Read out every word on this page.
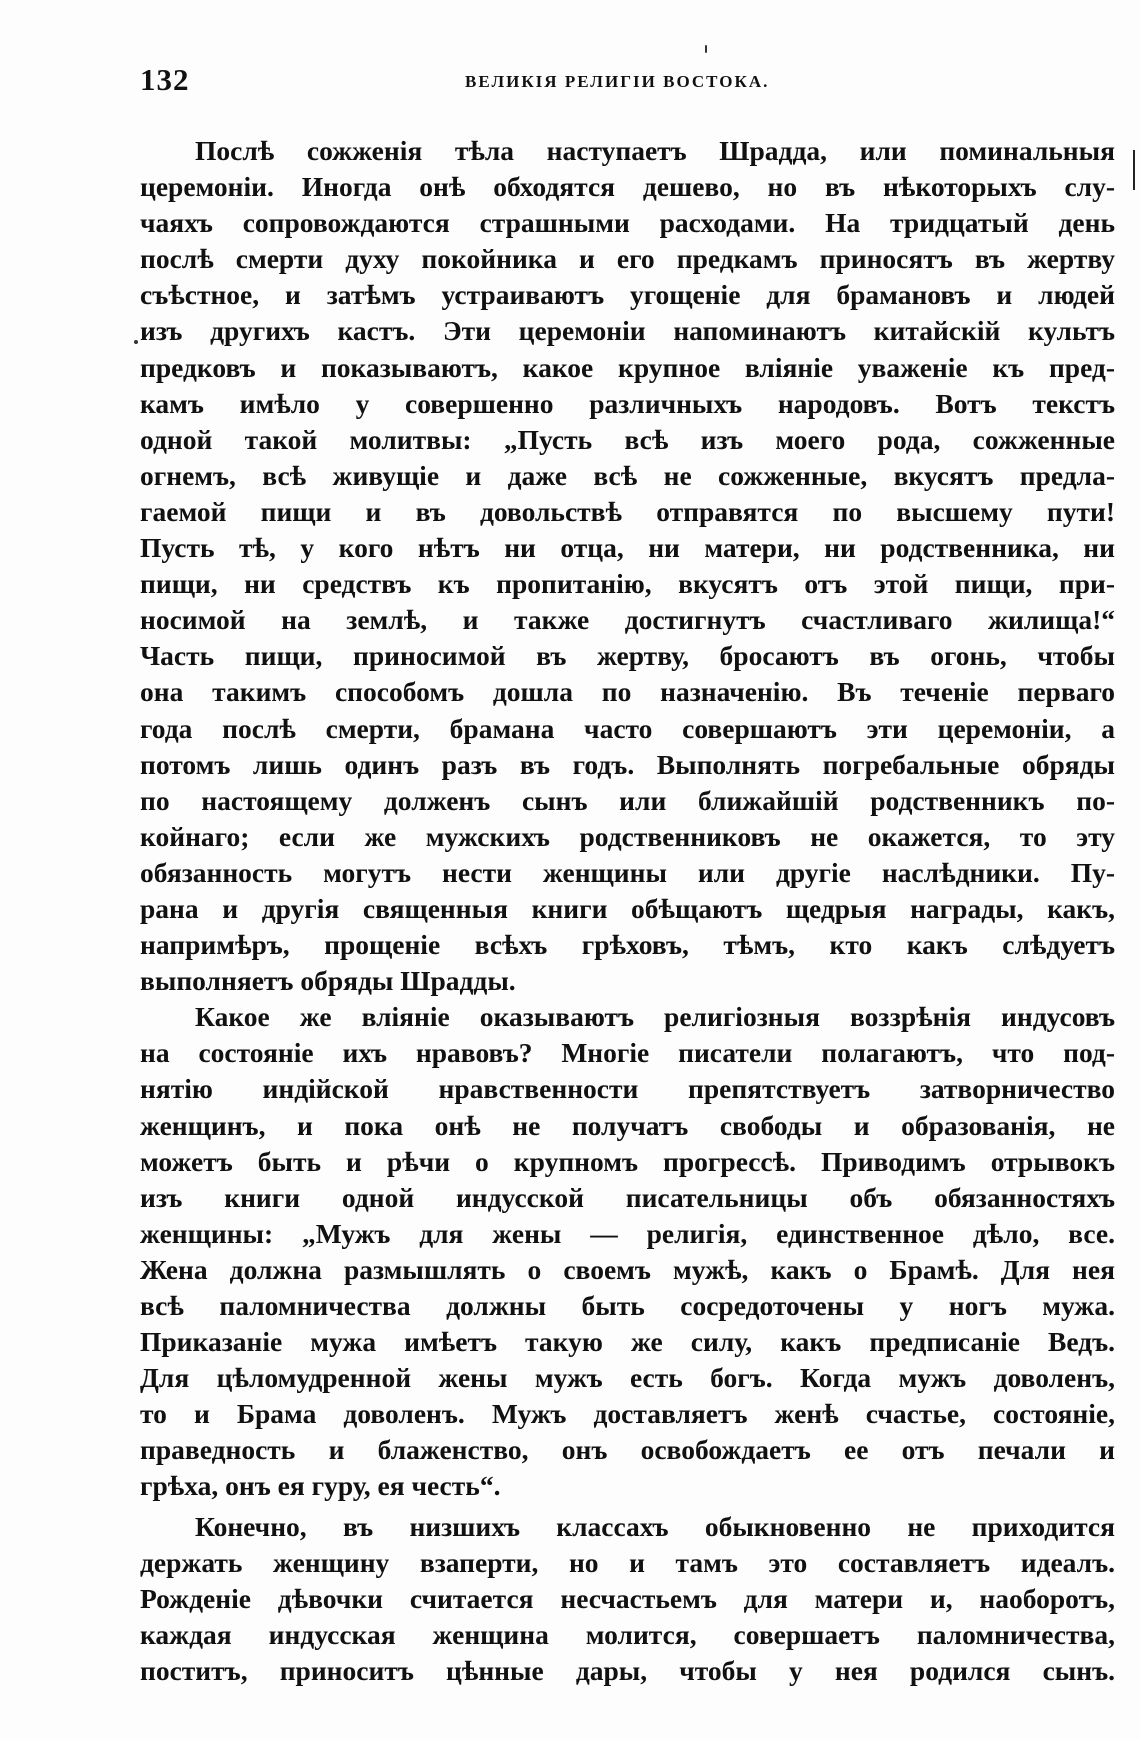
132	ВЕЛИКІЯ РЕЛИГІИ ВОСТОКА.
Послѣ сожженія тѣла наступаетъ Шрадда, или поминальныя
церемоніи. Иногда онѣ обходятся дешево, но въ нѣкоторыхъ слу-
чаяхъ сопровождаются страшными расходами. На тридцатый день
послѣ смерти духу покойника и его предкамъ приносятъ въ жертву
съѣстное, и затѣмъ устраиваютъ угощеніе для брамановъ и людей
изъ другихъ кастъ. Эти церемоніи напоминаютъ китайскій культъ
предковъ и показываютъ, какое крупное вліяніе уваженіе къ пред-
камъ имѣло у совершенно различныхъ народовъ. Вотъ текстъ
одной такой молитвы: „Пусть всѣ изъ моего рода, сожженные
огнемъ, всѣ живущіе и даже всѣ не сожженные, вкусятъ предла-
гаемой пищи и въ довольствѣ отправятся по высшему пути!
Пусть тѣ, у кого нѣтъ ни отца, ни матери, ни родственника, ни
пищи, ни средствъ къ пропитанію, вкусятъ отъ этой пищи, при-
носимой на землѣ, и также достигнутъ счастливаго жилища!“
Часть пищи, приносимой въ жертву, бросаютъ въ огонь, чтобы
она такимъ способомъ дошла по назначенію. Въ теченіе перваго
года послѣ смерти, брамана часто совершаютъ эти церемоніи, а
потомъ лишь одинъ разъ въ годъ. Выполнять погребальные обряды
по настоящему долженъ сынъ или ближайшій родственникъ по-
койнаго; если же мужскихъ родственниковъ не окажется, то эту
обязанность могутъ нести женщины или другіе наслѣдники. Пу-
рана и другія священныя книги обѣщаютъ щедрыя награды, какъ,
напримѣръ, прощеніе всѣхъ грѣховъ, тѣмъ, кто какъ слѣдуетъ
выполняетъ обряды Шрадды.
Какое же вліяніе оказываютъ религіозныя воззрѣнія индусовъ
на состояніе ихъ нравовъ? Многіе писатели полагаютъ, что под-
нятію индійской нравственности препятствуетъ затворничество
женщинъ, и пока онѣ не получатъ свободы и образованія, не
можетъ быть и рѣчи о крупномъ прогрессѣ. Приводимъ отрывокъ
изъ книги одной индусской писательницы объ обязанностяхъ
женщины: „Мужъ для жены — религія, единственное дѣло, все.
Жена должна размышлять о своемъ мужѣ, какъ о Брамѣ. Для нея
всѣ паломничества должны быть сосредоточены у ногъ мужа.
Приказаніе мужа имѣетъ такую же силу, какъ предписаніе Ведъ.
Для цѣломудренной жены мужъ есть богъ. Когда мужъ доволенъ,
то и Брама доволенъ. Мужъ доставляетъ женѣ счастье, состояніе,
праведность и блаженство, онъ освобождаетъ ее отъ печали и
грѣха, онъ ея гуру, ея честь“.
Конечно, въ низшихъ классахъ обыкновенно не приходится
держать женщину взаперти, но и тамъ это составляетъ идеалъ.
Рожденіе дѣвочки считается несчастьемъ для матери и, наоборотъ,
каждая индусская женщина молится, совершаетъ паломничества,
поститъ, приноситъ цѣнные дары, чтобы у нея родился сынъ.
